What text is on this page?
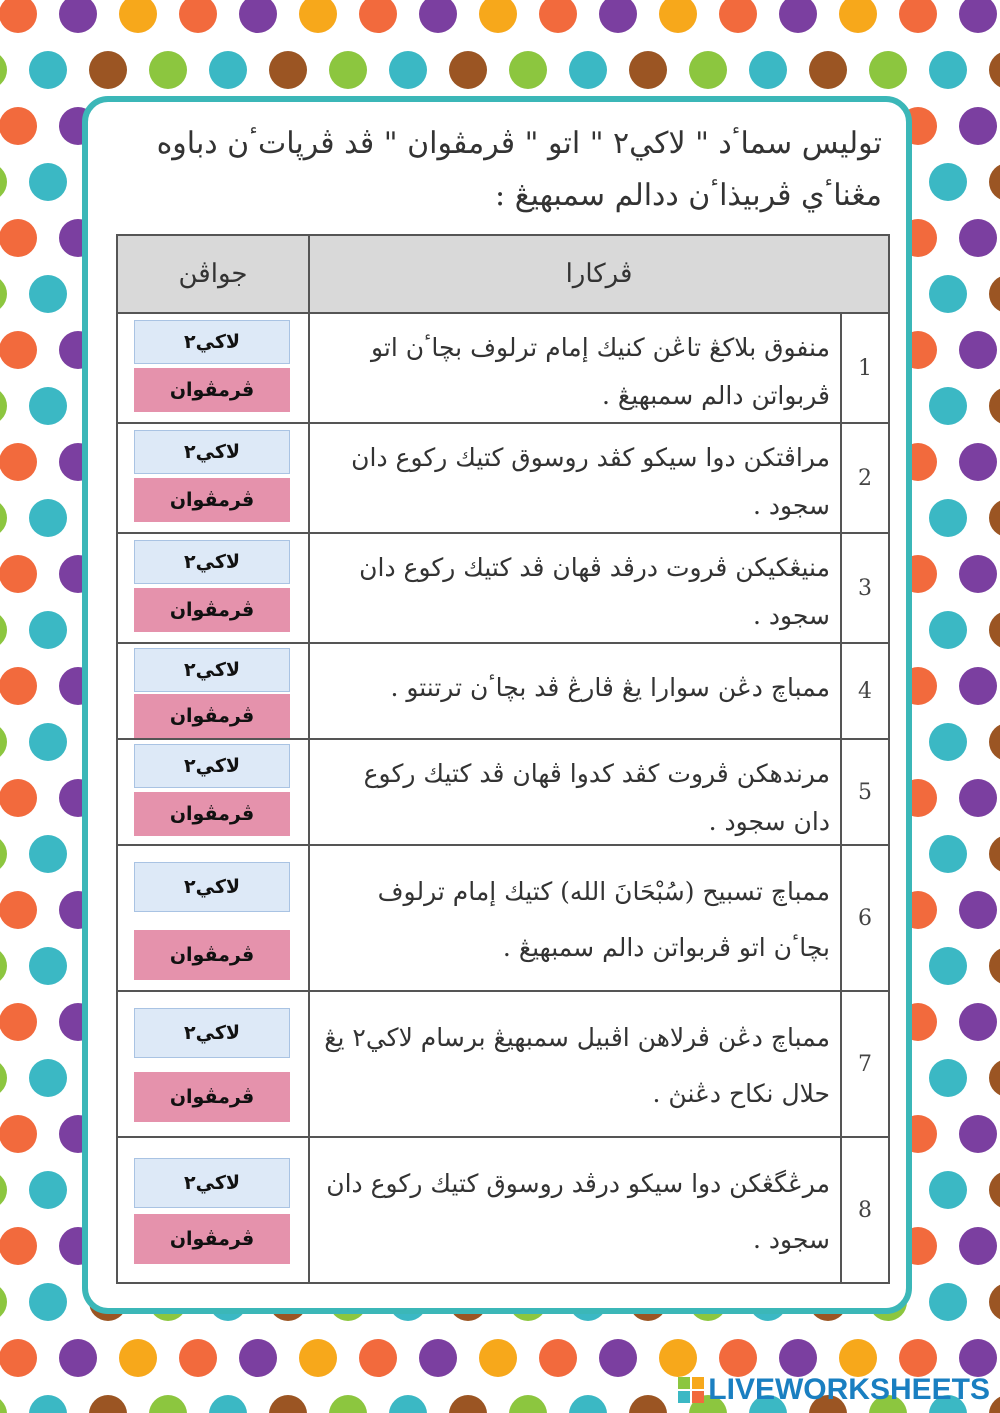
توليس سماٴد " لاكي٢ " اتو " ڤرمڤوان " ڤد ڤرڽاتٴن دباوه مڠناٴي ڤربيذاٴن ددالم سمبهيڠ :
جواڤن	ڤركارا
لاكي٢
ڤرمڤوان
منفوق بلاكڠ تاڠن كنيك إمام ترلوف بچاٴن اتو ڤربواتن دالم سمبهيڠ .
1
لاكي٢
ڤرمڤوان
مراڤتكن دوا سيكو كڤد روسوق كتيك ركوع دان سجود .
2
لاكي٢
ڤرمڤوان
منيڠكيكن ڤروت درڤد ڤهان ڤد كتيك ركوع دان سجود .
3
لاكي٢
ڤرمڤوان
ممباچ دڠن سوارا يڠ ڤارڠ ڤد بچاٴن ترتنتو .	4
لاكي٢
ڤرمڤوان
مرندهكن ڤروت كڤد كدوا ڤهان ڤد كتيك ركوع دان سجود .
5
لاكي٢
ڤرمڤوان
ممباچ تسبيح (سُبْحَانَ الله) كتيك إمام ترلوف بچاٴن اتو ڤربواتن دالم سمبهيڠ .
6
لاكي٢
ڤرمڤوان
ممباچ دڠن ڤرلاهن اڤبيل سمبهيڠ برسام لاكي٢ يڠ حلال نكاح دڠنڽ .
7
لاكي٢
ڤرمڤوان
مرڠگڠكن دوا سيكو درڤد روسوق كتيك ركوع دان سجود .
8
LIVEWORKSHEETS
